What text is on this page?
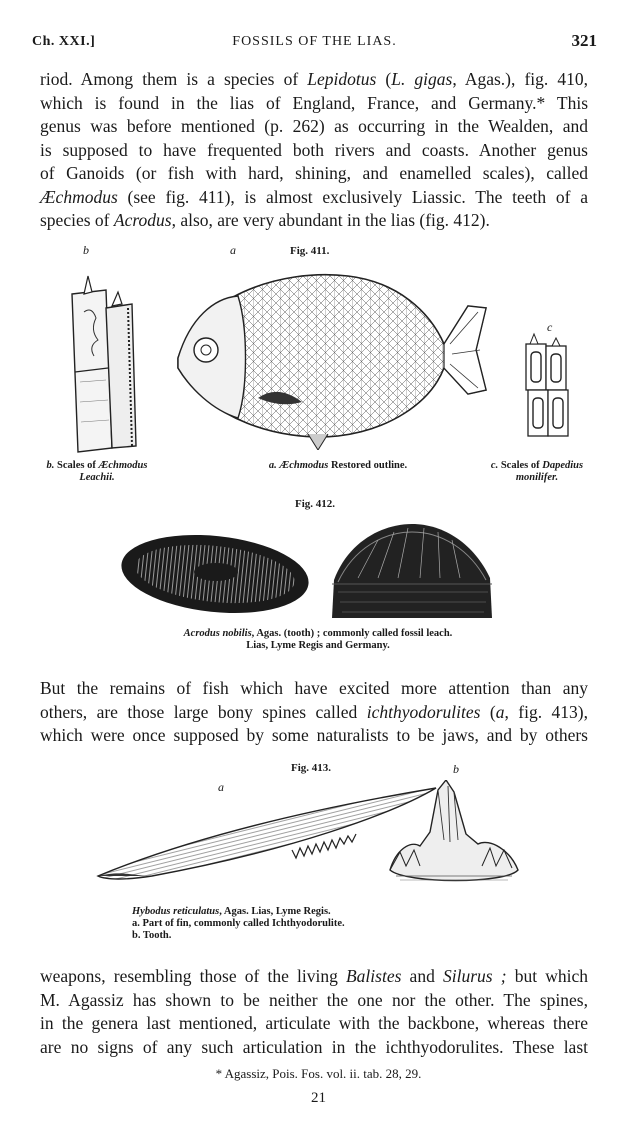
Ch. XXI.]	FOSSILS OF THE LIAS.	321
riod. Among them is a species of Lepidotus (L. gigas, Agas.), fig. 410,
which is found in the lias of England, France, and Germany.* This
genus was before mentioned (p. 262) as occurring in the Wealden, and
is supposed to have frequented both rivers and coasts. Another genus
of Ganoids (or fish with hard, shining, and enamelled scales), called
Æchmodus (see fig. 411), is almost exclusively Liassic. The teeth of a
species of Acrodus, also, are very abundant in the lias (fig. 412).
Fig. 411.
b	a
c
b. Scales of Æchmodus Leachii.
a. Æchmodus Restored outline.	c. Scales of Dapedius monilifer.
Fig. 412.
Acrodus nobilis, Agas. (tooth) ; commonly called fossil leach.
Lias, Lyme Regis and Germany.
But the remains of fish which have excited more attention than any
others, are those large bony spines called ichthyodorulites (a, fig. 413),
which were once supposed by some naturalists to be jaws, and by others
Fig. 413.
a
b
Hybodus reticulatus, Agas. Lias, Lyme Regis.
a. Part of fin, commonly called Ichthyodorulite.
b. Tooth.
weapons, resembling those of the living Balistes and Silurus ; but which
M. Agassiz has shown to be neither the one nor the other. The spines,
in the genera last mentioned, articulate with the backbone, whereas there
are no signs of any such articulation in the ichthyodorulites. These last
* Agassiz, Pois. Fos. vol. ii. tab. 28, 29.
21
